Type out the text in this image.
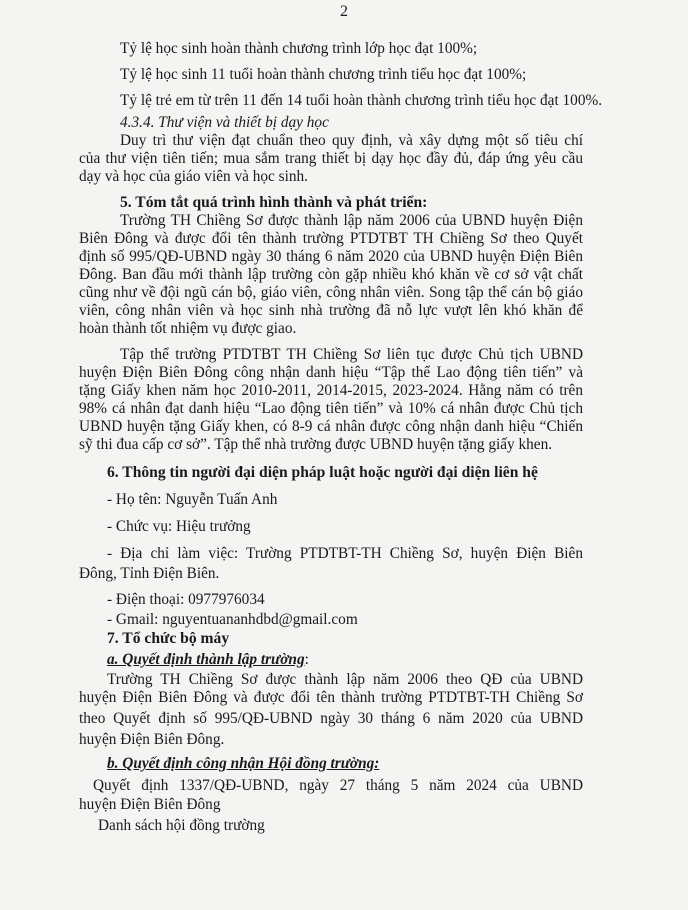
2
Tỷ lệ học sinh hoàn thành chương trình lớp học đạt 100%;
Tỷ lệ học sinh 11 tuổi hoàn thành chương trình tiểu học đạt 100%;
Tỷ lệ trẻ em từ trên 11 đến 14 tuổi hoàn thành chương trình tiểu học đạt 100%.
4.3.4. Thư viện và thiết bị dạy học
Duy trì thư viện đạt chuẩn theo quy định, và xây dựng một số tiêu chí
của thư viện tiên tiến; mua sắm trang thiết bị dạy học đầy đủ, đáp ứng yêu cầu
dạy và học của giáo viên và học sinh.
5. Tóm tắt quá trình hình thành và phát triển:
Trường TH Chiềng Sơ được thành lập năm 2006 của UBND huyện Điện
Biên Đông và được đổi tên thành trường PTDTBT TH Chiềng Sơ theo Quyết
định số 995/QĐ-UBND ngày 30 tháng 6 năm 2020 của UBND huyện Điện Biên
Đông. Ban đầu mới thành lập trường còn gặp nhiều khó khăn về cơ sở vật chất
cũng như về đội ngũ cán bộ, giáo viên, công nhân viên. Song tập thể cán bộ giáo
viên, công nhân viên và học sinh nhà trường đã nỗ lực vượt lên khó khăn để
hoàn thành tốt nhiệm vụ được giao.
Tập thể trường PTDTBT TH Chiềng Sơ liên tục được Chủ tịch UBND
huyện Điện Biên Đông công nhận danh hiệu “Tập thể Lao động tiên tiến” và
tặng Giấy khen năm học 2010-2011, 2014-2015, 2023-2024. Hằng năm có trên
98% cá nhân đạt danh hiệu “Lao động tiên tiến” và 10% cá nhân được Chủ tịch
UBND huyện tặng Giấy khen, có 8-9 cá nhân được công nhận danh hiệu “Chiến
sỹ thi đua cấp cơ sở”. Tập thể nhà trường được UBND huyện tặng giấy khen.
6. Thông tin người đại diện pháp luật hoặc người đại diện liên hệ
- Họ tên: Nguyễn Tuấn Anh
- Chức vụ: Hiệu trưởng
- Địa chỉ làm việc: Trường PTDTBT-TH Chiềng Sơ, huyện Điện Biên
Đông, Tỉnh Điện Biên.
- Điện thoại: 0977976034
- Gmail: nguyentuananhdbd@gmail.com
7. Tổ chức bộ máy
a. Quyết định thành lập trường:
Trường TH Chiềng Sơ được thành lập năm 2006 theo QĐ của UBND
huyện Điện Biên Đông và được đổi tên thành trường PTDTBT-TH Chiềng Sơ
theo Quyết định số 995/QĐ-UBND ngày 30 tháng 6 năm 2020 của UBND
huyện Điện Biên Đông.
b. Quyết định công nhận Hội đồng trường:
Quyết định 1337/QĐ-UBND, ngày 27 tháng 5 năm 2024 của UBND
huyện Điện Biên Đông
Danh sách hội đồng trường
